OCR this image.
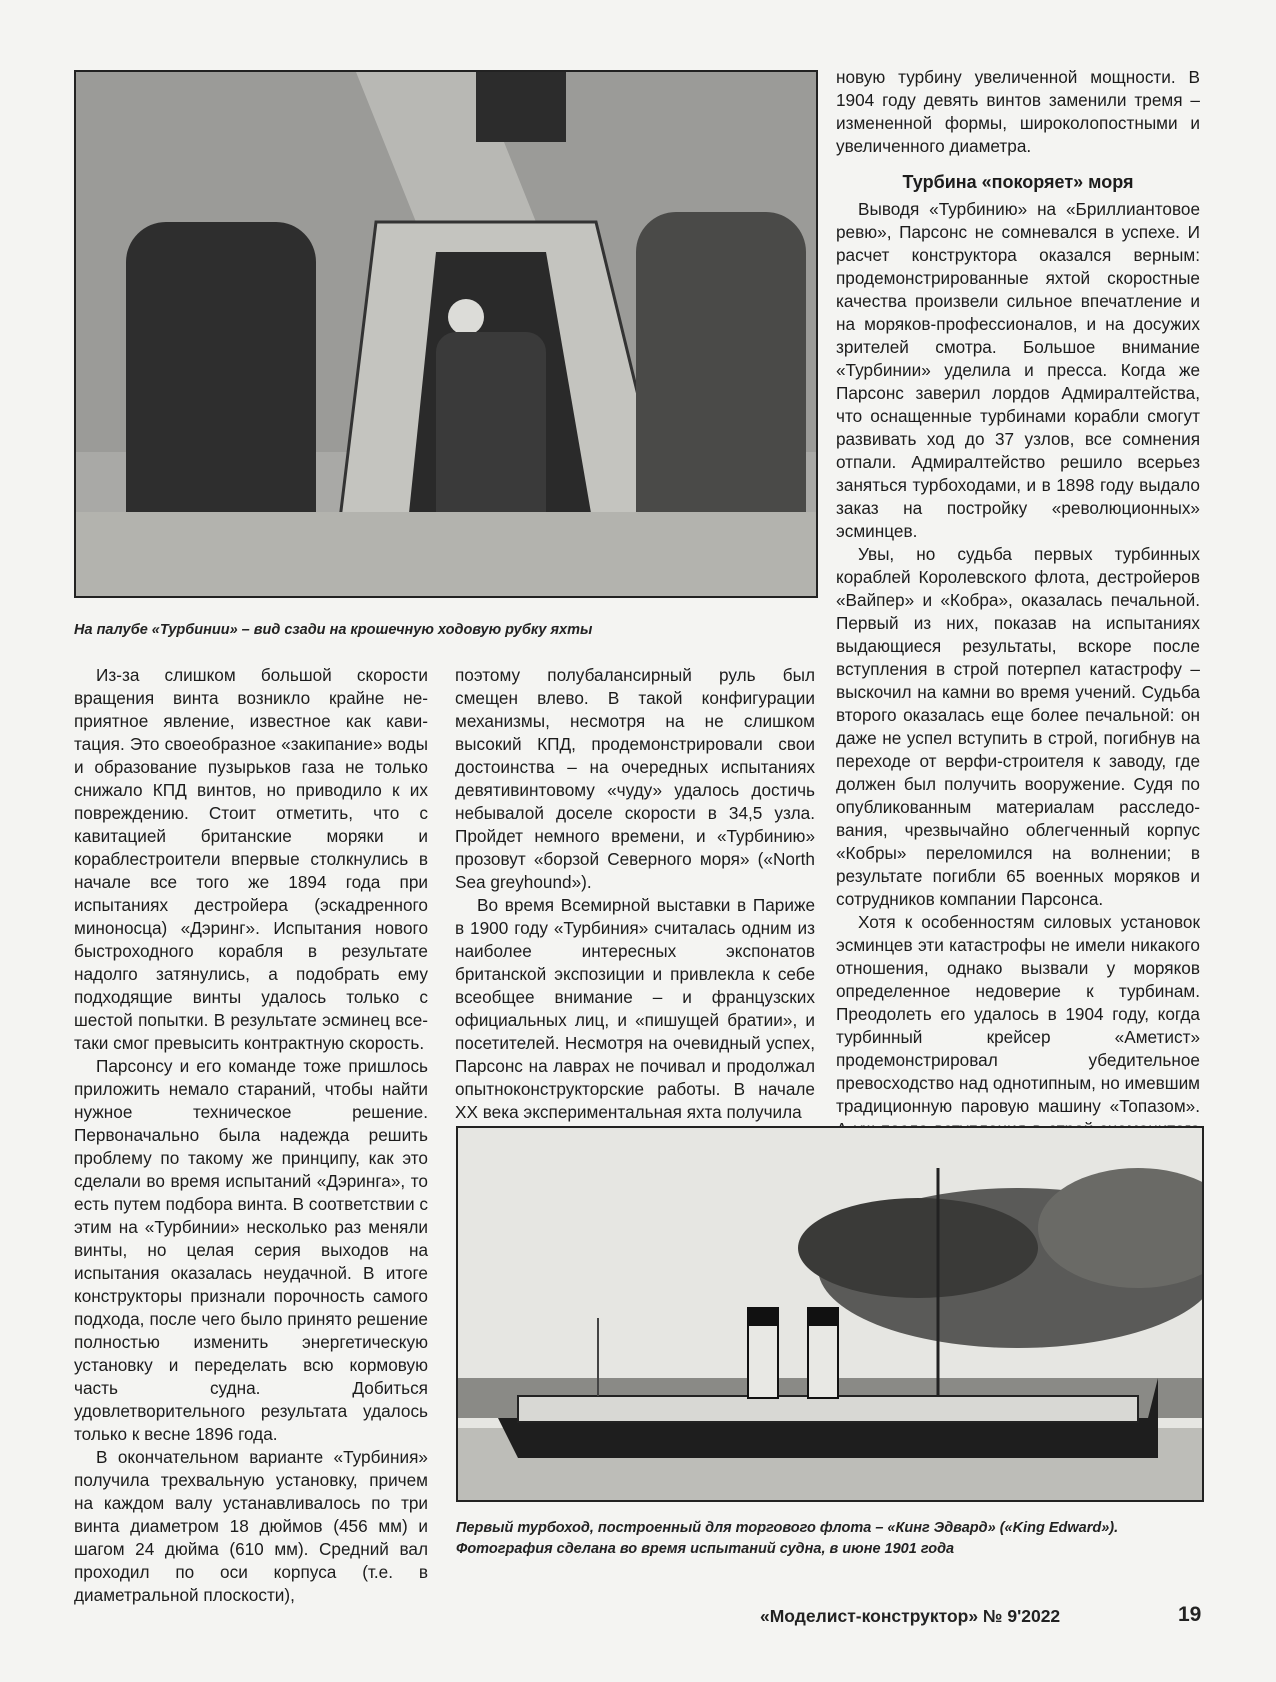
На палубе «Турбинии» – вид сзади на крошечную ходовую рубку яхты

новую турбину увеличенной мощности. В 1904 году девять винтов заменили тремя – измененной формы, широколопостными и увеличенного диаметра.

Турбина «покоряет» моря

Выводя «Турбинию» на «Бриллиантовое ревю», Парсонс не сомневался в успехе. И расчет конструктора оказался верным: продемонстрированные яхтой скоростные качества произвели сильное впечатление и на моряков-профессионалов, и на досужих зрителей смотра. Большое внимание «Турбинии» уделила и пресса. Когда же Парсонс заверил лордов Адмиралтейства, что оснащенные турбинами корабли смогут развивать ход до 37 узлов, все сомнения отпали. Адмиралтейство решило всерьез заняться турбоходами, и в 1898 году выдало заказ на постройку «революционных» эсминцев.

Увы, но судьба первых турбинных кораблей Королевского флота, дестройеров «Вайпер» и «Кобра», оказалась печальной. Первый из них, показав на испытаниях выдающиеся результаты, вскоре после вступления в строй потерпел катастрофу – выскочил на камни во время учений. Судьба второго оказалась еще более печальной: он даже не успел вступить в строй, погибнув на переходе от верфи-строителя к заводу, где должен был получить вооружение. Судя по опубликованным материалам расследования, чрезвычайно облегченный корпус «Кобры» переломился на волнении; в результате погибли 65 военных моряков и сотрудников компании Парсонса.

Хотя к особенностям силовых установок эсминцев эти катастрофы не имели никакого отношения, однако вызвали у моряков определенное недоверие к турбинам. Преодолеть его удалось в 1904 году, когда турбинный крейсер «Аметист» продемонстрировал убедительное превосходство над однотипным, но имевшим традиционную паровую машину «Топазом».

Из-за слишком большой скорости вращения винта возникло крайне неприятное явление, известное как кавитация. Это своеобразное «закипание» воды и образование пузырьков газа не только снижало КПД винтов, но приводило к их повреждению. Стоит отметить, что с кавитацией британские моряки и кораблестроители впервые столкнулись в начале все того же 1894 года при испытаниях дестройера (эскадренного миноносца) «Дэринг». Испытания нового быстроходного корабля в результате надолго затянулись, а подобрать ему подходящие винты удалось только с шестой попытки. В результате эсминец все-таки смог превысить контрактную скорость.

Парсонсу и его команде тоже пришлось приложить немало стараний, чтобы найти нужное техническое решение. Первоначально была надежда решить проблему по такому же принципу, как это сделали во время испытаний «Дэринга», то есть путем подбора винта. В соответствии с этим на «Турбинии» несколько раз меняли винты, но целая серия выходов на испытания оказалась неудачной. В итоге конструкторы признали порочность самого подхода, после чего было принято решение полностью изменить энергетическую установку и переделать всю кормовую часть судна. Добиться удовлетворительного результата удалось только к весне 1896 года.

В окончательном варианте «Турбиния» получила трехвальную установку, причем на каждом валу устанавливалось по три винта диаметром 18 дюймов (456 мм) и шагом 24 дюйма (610 мм). Средний вал проходил по оси корпуса (т.е. в диаметральной плоскости),

поэтому полубалансирный руль был смещен влево. В такой конфигурации механизмы, несмотря на не слишком высокий КПД, продемонстрировали свои достоинства – на очередных испытаниях девятивинтовому «чуду» удалось достичь небывалой доселе скорости в 34,5 узла. Пройдет немного времени, и «Турбинию» прозовут «борзой Северного моря» («North Sea greyhound»).

Во время Всемирной выставки в Париже в 1900 году «Турбиния» считалась одним из наиболее интересных экспонатов британской экспозиции и привлекла к себе всеобщее внимание – и французских официальных лиц, и «пишущей братии», и посетителей. Несмотря на очевидный успех, Парсонс на лаврах не почивал и продолжал опытноконструкторские работы. В начале XX века экспериментальная яхта получила

Первый турбоход, построенный для торгового флота – «Кинг Эдвард» («King Edward»).
Фотография сделана во время испытаний судна, в июне 1901 года
«Моделист-конструктор» № 9'2022	19
